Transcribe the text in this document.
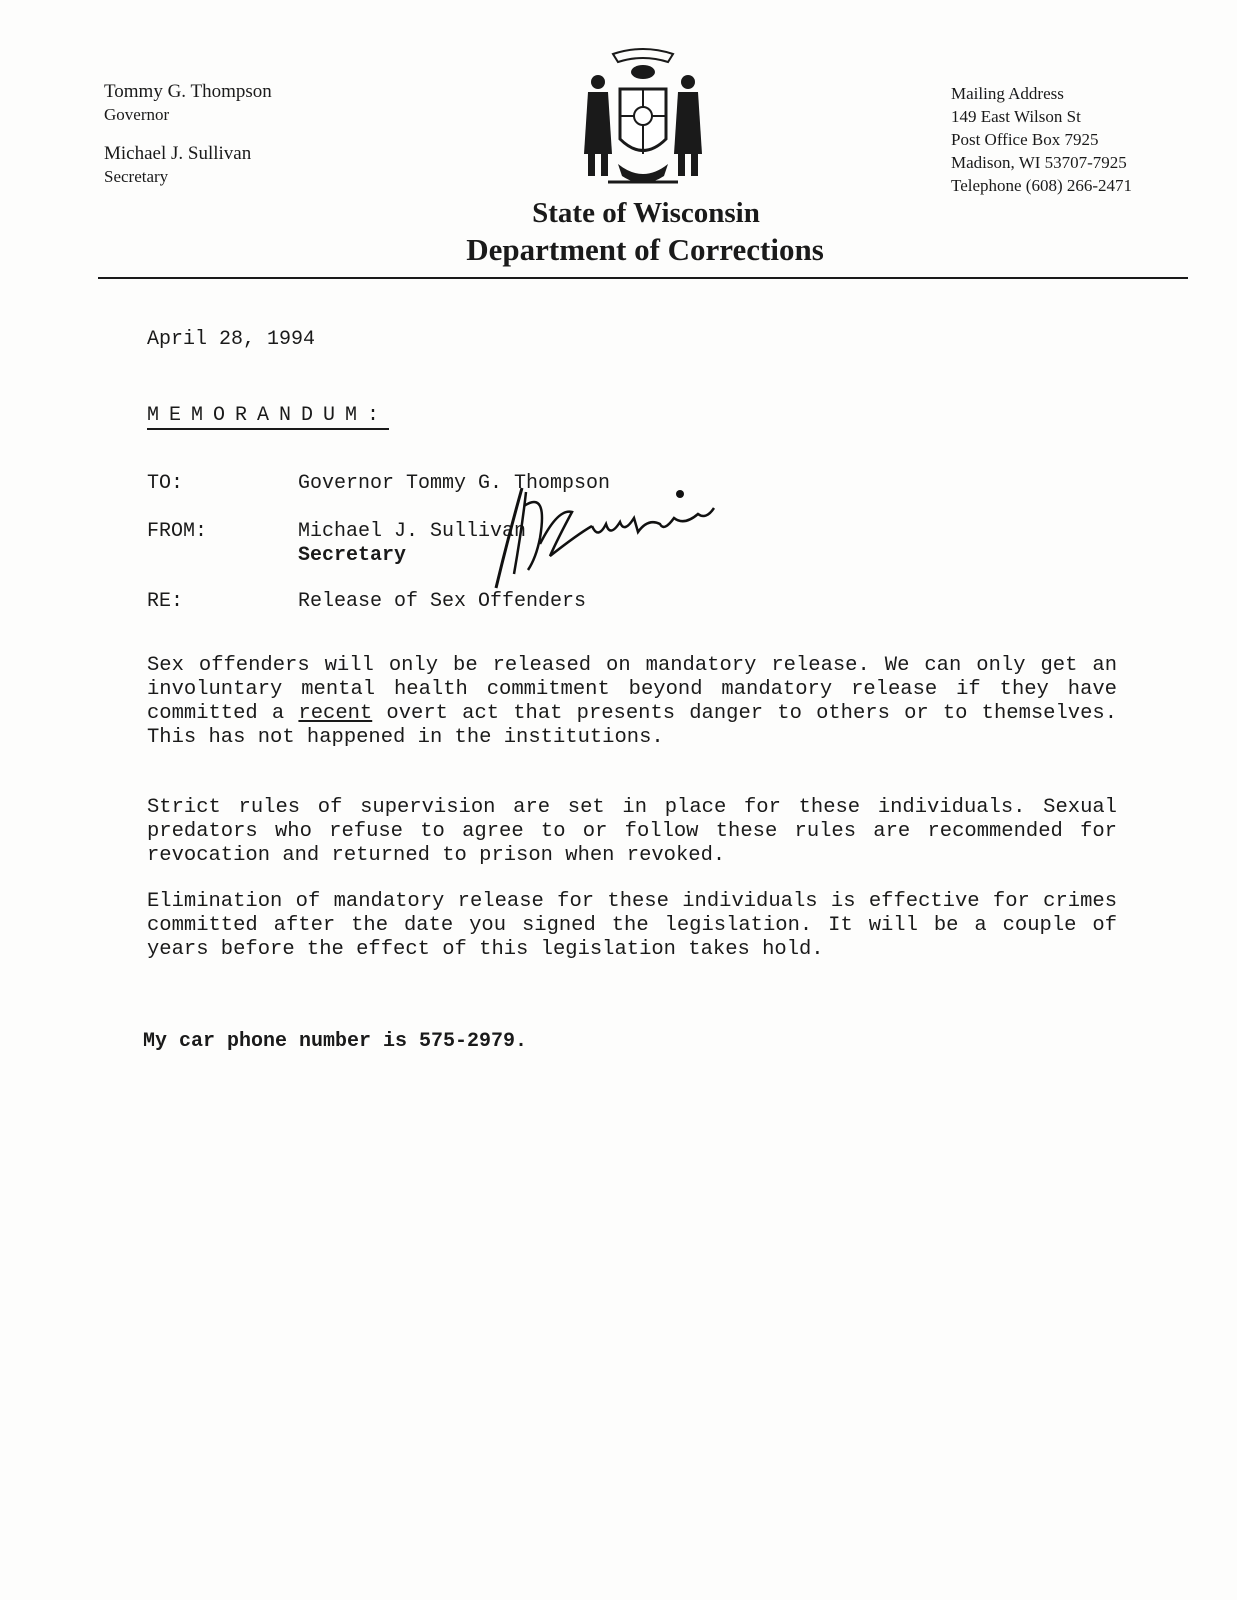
Tommy G. Thompson
Governor
Michael J. Sullivan
Secretary
State of Wisconsin
Department of Corrections
Mailing Address
149 East Wilson St
Post Office Box 7925
Madison, WI 53707-7925
Telephone (608) 266-2471
April 28, 1994
MEMORANDUM:
TO:	Governor Tommy G. Thompson
FROM:	Michael J. Sullivan
Secretary
RE:	Release of Sex Offenders
Sex offenders will only be released on mandatory release. We can only get an involuntary mental health commitment beyond mandatory release if they have committed a recent overt act that presents danger to others or to themselves. This has not happened in the institutions.
Strict rules of supervision are set in place for these individuals. Sexual predators who refuse to agree to or follow these rules are recommended for revocation and returned to prison when revoked.
Elimination of mandatory release for these individuals is effective for crimes committed after the date you signed the legislation. It will be a couple of years before the effect of this legislation takes hold.
My car phone number is 575-2979.
